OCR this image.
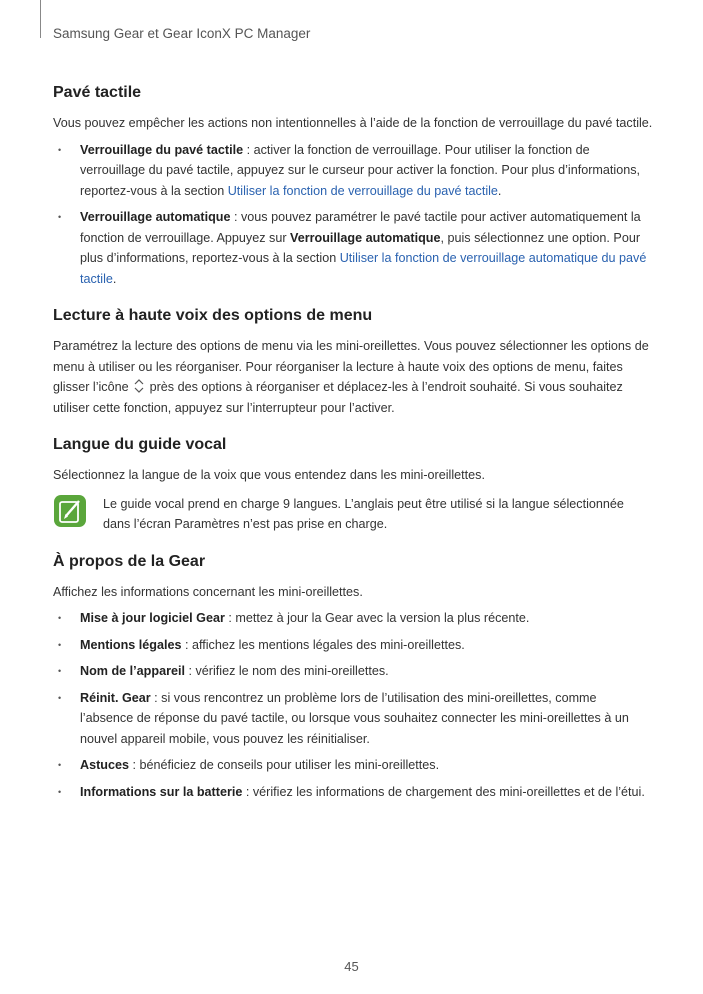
Samsung Gear et Gear IconX PC Manager
Pavé tactile

Vous pouvez empêcher les actions non intentionnelles à l’aide de la fonction de verrouillage du pavé tactile.

• Verrouillage du pavé tactile : activer la fonction de verrouillage. Pour utiliser la fonction de verrouillage du pavé tactile, appuyez sur le curseur pour activer la fonction. Pour plus d’informations, reportez-vous à la section Utiliser la fonction de verrouillage du pavé tactile.
• Verrouillage automatique : vous pouvez paramétrer le pavé tactile pour activer automatiquement la fonction de verrouillage. Appuyez sur Verrouillage automatique, puis sélectionnez une option. Pour plus d’informations, reportez-vous à la section Utiliser la fonction de verrouillage automatique du pavé tactile.
Lecture à haute voix des options de menu

Paramétrez la lecture des options de menu via les mini-oreillettes. Vous pouvez sélectionner les options de menu à utiliser ou les réorganiser. Pour réorganiser la lecture à haute voix des options de menu, faites glisser l’icône  près des options à réorganiser et déplacez-les à l’endroit souhaité. Si vous souhaitez utiliser cette fonction, appuyez sur l’interrupteur pour l’activer.

Langue du guide vocal

Sélectionnez la langue de la voix que vous entendez dans les mini-oreillettes.

Le guide vocal prend en charge 9 langues. L’anglais peut être utilisé si la langue sélectionnée dans l’écran Paramètres n’est pas prise en charge.

À propos de la Gear

Affichez les informations concernant les mini-oreillettes.

• Mise à jour logiciel Gear : mettez à jour la Gear avec la version la plus récente.
• Mentions légales : affichez les mentions légales des mini-oreillettes.
• Nom de l’appareil : vérifiez le nom des mini-oreillettes.
• Réinit. Gear : si vous rencontrez un problème lors de l’utilisation des mini-oreillettes, comme l’absence de réponse du pavé tactile, ou lorsque vous souhaitez connecter les mini-oreillettes à un nouvel appareil mobile, vous pouvez les réinitialiser.
• Astuces : bénéficiez de conseils pour utiliser les mini-oreillettes.
• Informations sur la batterie : vérifiez les informations de chargement des mini-oreillettes et de l’étui.
45
